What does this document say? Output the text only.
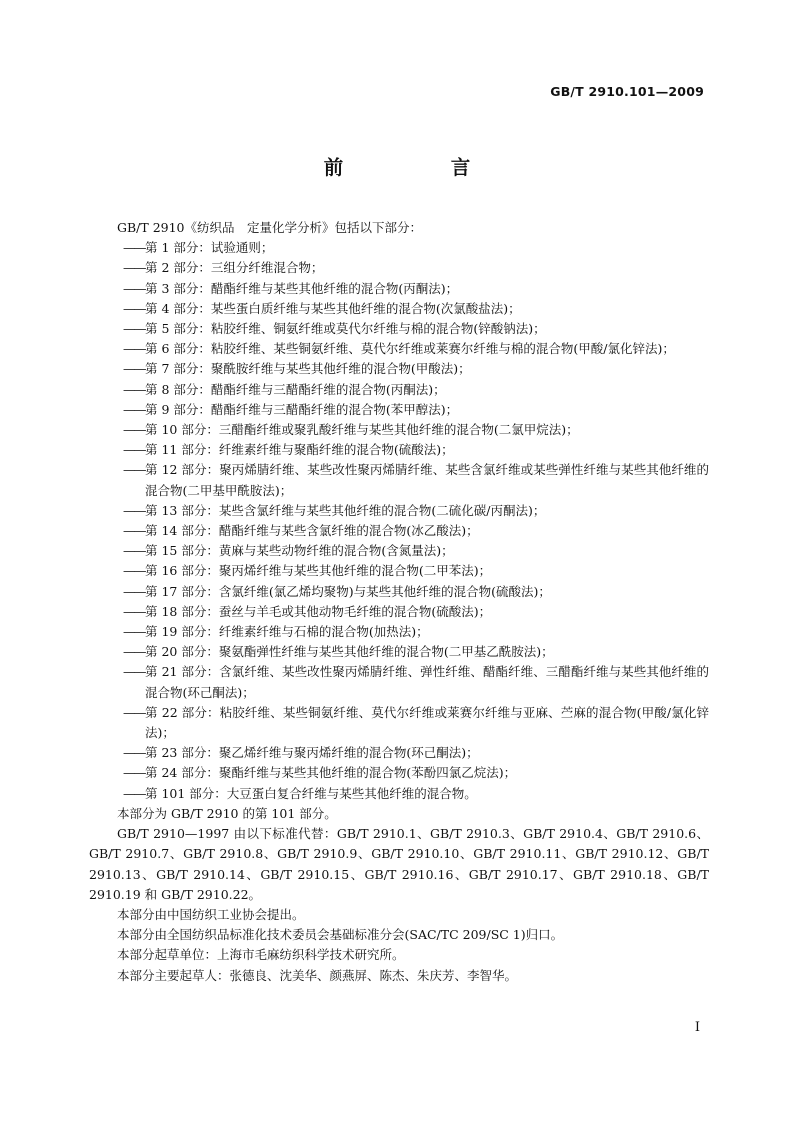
GB/T 2910.101—2009
前　言

GB/T 2910《纺织品　定量化学分析》包括以下部分：

—— 第 1 部分：试验通则；
—— 第 2 部分：三组分纤维混合物；
—— 第 3 部分：醋酯纤维与某些其他纤维的混合物(丙酮法)；
—— 第 4 部分：某些蛋白质纤维与某些其他纤维的混合物(次氯酸盐法)；
—— 第 5 部分：粘胶纤维、铜氨纤维或莫代尔纤维与棉的混合物(锌酸钠法)；
—— 第 6 部分：粘胶纤维、某些铜氨纤维、莫代尔纤维或莱赛尔纤维与棉的混合物(甲酸/氯化锌法)；
—— 第 7 部分：聚酰胺纤维与某些其他纤维的混合物(甲酸法)；
—— 第 8 部分：醋酯纤维与三醋酯纤维的混合物(丙酮法)；
—— 第 9 部分：醋酯纤维与三醋酯纤维的混合物(苯甲醇法)；
—— 第 10 部分：三醋酯纤维或聚乳酸纤维与某些其他纤维的混合物(二氯甲烷法)；
—— 第 11 部分：纤维素纤维与聚酯纤维的混合物(硫酸法)；
—— 第 12 部分：聚丙烯腈纤维、某些改性聚丙烯腈纤维、某些含氯纤维或某些弹性纤维与某些其他纤维的混合物(二甲基甲酰胺法)；
—— 第 13 部分：某些含氯纤维与某些其他纤维的混合物(二硫化碳/丙酮法)；
—— 第 14 部分：醋酯纤维与某些含氯纤维的混合物(冰乙酸法)；
—— 第 15 部分：黄麻与某些动物纤维的混合物(含氮量法)；
—— 第 16 部分：聚丙烯纤维与某些其他纤维的混合物(二甲苯法)；
—— 第 17 部分：含氯纤维(氯乙烯均聚物)与某些其他纤维的混合物(硫酸法)；
—— 第 18 部分：蚕丝与羊毛或其他动物毛纤维的混合物(硫酸法)；
—— 第 19 部分：纤维素纤维与石棉的混合物(加热法)；
—— 第 20 部分：聚氨酯弹性纤维与某些其他纤维的混合物(二甲基乙酰胺法)；
—— 第 21 部分：含氯纤维、某些改性聚丙烯腈纤维、弹性纤维、醋酯纤维、三醋酯纤维与某些其他纤维的混合物(环己酮法)；
—— 第 22 部分：粘胶纤维、某些铜氨纤维、莫代尔纤维或莱赛尔纤维与亚麻、苎麻的混合物(甲酸/氯化锌法)；
—— 第 23 部分：聚乙烯纤维与聚丙烯纤维的混合物(环己酮法)；
—— 第 24 部分：聚酯纤维与某些其他纤维的混合物(苯酚四氯乙烷法)；
—— 第 101 部分：大豆蛋白复合纤维与某些其他纤维的混合物。

本部分为 GB/T 2910 的第 101 部分。

GB/T 2910—1997 由以下标准代替：GB/T 2910.1、GB/T 2910.3、GB/T 2910.4、GB/T 2910.6、GB/T 2910.7、GB/T 2910.8、GB/T 2910.9、GB/T 2910.10、GB/T 2910.11、GB/T 2910.12、GB/T 2910.13、GB/T 2910.14、GB/T 2910.15、GB/T 2910.16、GB/T 2910.17、GB/T 2910.18、GB/T 2910.19 和 GB/T 2910.22。

本部分由中国纺织工业协会提出。

本部分由全国纺织品标准化技术委员会基础标准分会(SAC/TC 209/SC 1)归口。

本部分起草单位：上海市毛麻纺织科学技术研究所。

本部分主要起草人：张德良、沈美华、颜燕屏、陈杰、朱庆芳、李智华。

I
